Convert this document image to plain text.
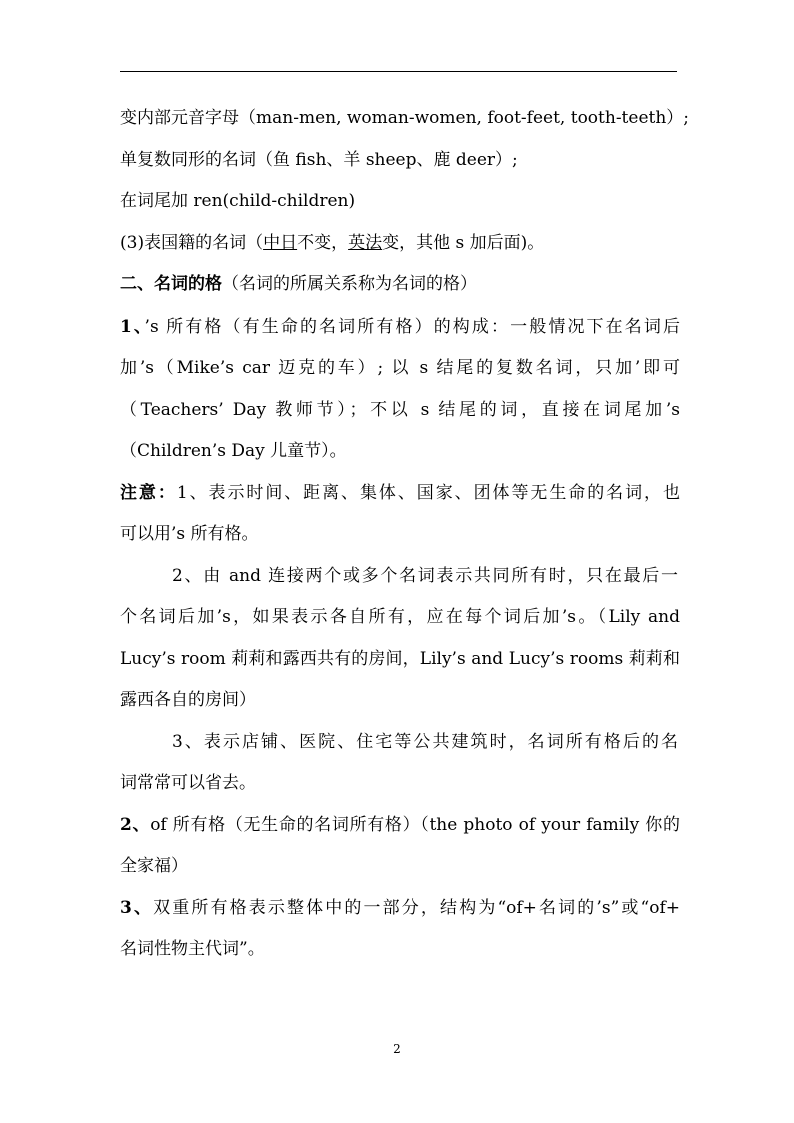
变内部元音字母（man-men, woman-women, foot-feet, tooth-teeth）;
单复数同形的名词（鱼 fish、羊 sheep、鹿 deer）;
在词尾加 ren(child-children)
(3)表国籍的名词（中日不变，英法变，其他 s 加后面)。
二、名词的格（名词的所属关系称为名词的格）
1、’s 所有格（有生命的名词所有格）的构成：一般情况下在名词后
加’s（Mike’s car 迈克的车）; 以 s 结尾的复数名词，只加’即可
（Teachers’ Day 教师节）；不以 s 结尾的词，直接在词尾加’s
（Children’s Day 儿童节）。
注意：1、表示时间、距离、集体、国家、团体等无生命的名词，也
可以用’s 所有格。
2、由 and 连接两个或多个名词表示共同所有时，只在最后一
个名词后加’s，如果表示各自所有，应在每个词后加’s。（Lily and
Lucy’s room 莉莉和露西共有的房间，Lily’s and Lucy’s rooms 莉莉和
露西各自的房间）
3、表示店铺、医院、住宅等公共建筑时，名词所有格后的名
词常常可以省去。
2、of 所有格（无生命的名词所有格）（the photo of your family 你的
全家福）
3、双重所有格表示整体中的一部分，结构为“of+名词的’s”或“of+
名词性物主代词”。
2
